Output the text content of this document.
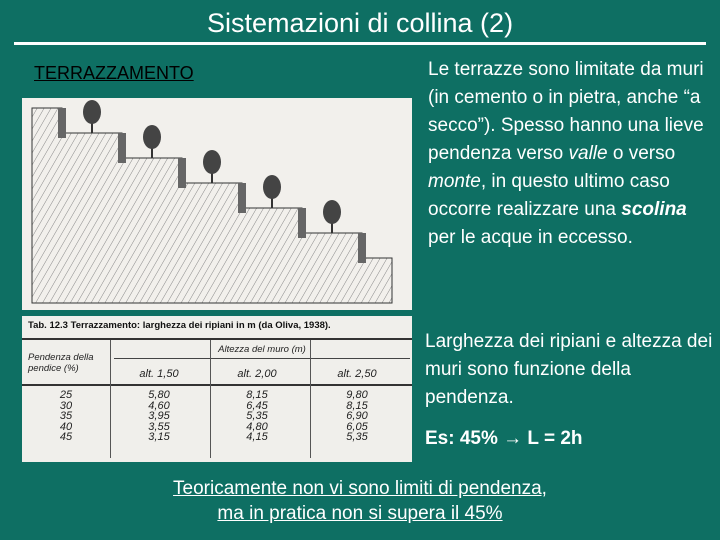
Sistemazioni di collina (2)
TERRAZZAMENTO
Tab. 12.3 Terrazzamento: larghezza dei ripiani in m (da Oliva, 1938).
Pendenza della pendice (%)
Altezza del muro (m)
alt. 1,50	alt. 2,00	alt. 2,50
25
30
35
40
45
5,80
4,60
3,95
3,55
3,15
8,15
6,45
5,35
4,80
4,15
9,80
8,15
6,90
6,05
5,35
Le terrazze sono limitate da muri (in cemento o in pietra, anche “a secco”). Spesso hanno una lieve pendenza verso valle o verso monte, in questo ultimo caso occorre realizzare una scolina per le acque in eccesso.
Larghezza dei ripiani e altezza dei muri sono funzione della pendenza.
Es: 45% → L = 2h
Teoricamente non vi sono limiti di pendenza,
ma in pratica non si supera il 45%
